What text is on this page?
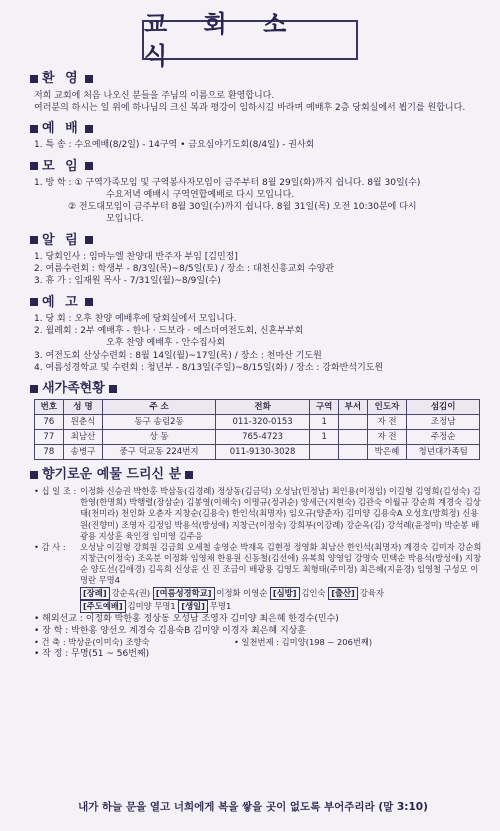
교 회 소 식
환 영
저희 교회에 처음 나오신 분들을 주님의 이름으로 환영합니다.
여러분의 하시는 일 위에 하나님의 크신 복과 평강이 임하시길 바라며 예배후 2층 당회실에서 뵙기를 원합니다.
예 배
1. 특 송 : 수요예배(8/2일) - 14구역 • 금요심야기도회(8/4일) - 권사회
모 임
1. 방 학 : ① 구역가족모임 및 구역봉사자모임이 금주부터 8월 29일(화)까지 쉽니다. 8월 30일(수)
수요저녁 예배시 구역연합예배로 다시 모입니다.
② 전도대모임이 금주부터 8월 30일(수)까지 쉽니다. 8월 31일(목) 오전 10:30분에 다시
모입니다.
알 림
1. 당회인사 : 임마누엘 찬양대 반주자 부임 [김민정]
2. 여름수련회 : 학생부 - 8/3일(목)~8/5일(토) / 장소 : 대천신흥교회 수양관
3. 휴 가 : 임재원 목사 - 7/31일(월)~8/9일(수)
예 고
1. 당 회 : 오후 찬양 예배후에 당회실에서 모입니다.
2. 월례회 : 2부 예배후 - 한나 · 드보라 · 에스더여전도회, 신혼부부회
오후 찬양 예배후 - 안수집사회
3. 여전도회 산상수련회 : 8월 14일(월)~17일(목) / 장소 : 천마산 기도원
4. 여름성경학교 및 수련회 : 청년부 - 8/13일(주일)~8/15일(화) / 장소 : 강화반석기도원
새가족현황
번호	성 명	주 소	전화	구역	부서	인도자	섬김이
76	원춘식	동구 송림2동	011-320-0153	1		자 전	조정남
77	최남산	상 동	765-4723	1		자 전	주정순
78	송병구	중구 덕교동 224번지	011-9130-3028			박은혜	청년대가족팀
향기로운 예물 드리신 분
• 십 일 조 : 이정화 신승권 박한홍 박삼동(김경례) 정상동(김금덕) 오성남(민정남) 최인용(이정임) 이길형 김영희(김성숙) 김한영(한명희) 박행렬(장삼순) 김봉영(이해숙) 이명규(정귀순) 양세근(지현숙) 김관숙 이월규 강순희 계경숙 김상태(천미라) 천인화 오춘자 지창순(김용숙) 한인석(최명자) 임오규(양준자) 김미양 김용숙A 오성호(방희정) 신용원(진향미) 조영자 김정임 박용석(방성애) 지창근(이정숙) 강희부(이강례) 강순옥(김) 강석례(윤정미) 박순봉 배광용 지상훈 육인정 임미영 김주응
• 감 사 :	오성남 이길형 강희원 김금희 오세철 송영순 박재옥 김현정 정영화 최남산 한인석(최명자) 계경숙 김미자 강순희 지창근(이정숙) 조옥분 이정화 임영채 한용원 신동철(김선애) 유복희 양영임 강명숙 민택순 박용석(방성애) 지창순 양도선(김애경) 김옥희 신상윤 신 진 조금이 배광용 김영도 최형태(주미정) 최은혜(지윤경) 임영철 구성모 이명란 무명4
[장례] 강순옥(권) [여름성경학교] 이정화 이영순 [심방] 김인숙 [출산] 강육자
[주도예배] 김미양 무명1 [생일] 무명1
• 해외선교 : 이정화 박한홍 정상동 오성남 조영자 김미양 최은혜 한경수(민수)
• 장 학 : 박한홍 양선오 계경숙 김용숙B 김미양 이경자 최은혜 지상훈
• 건 축 : 박상운(이미숙) 조향숙	• 일천번제 : 김미양(198 ~ 206번째)
• 작 정 : 무명(51 ~ 56번째)
내가 하늘 문을 열고 너희에게 복을 쌓을 곳이 없도록 부어주리라 (말 3:10)
